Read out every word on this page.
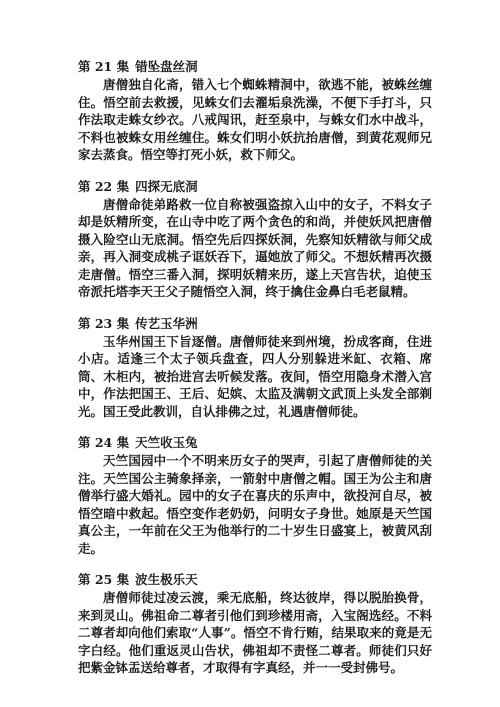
第 21 集 错坠盘丝洞

唐僧独自化斋，错入七个蜘蛛精洞中，欲逃不能，被蛛丝缠住。悟空前去救援，见蛛女们去濯垢泉洗澡，不便下手打斗，只作法取走蛛女纱衣。八戒闯讯，赶至泉中，与蛛女们水中战斗，不料也被蛛女用丝缠住。蛛女们明小妖抗抬唐僧，到黄花观师兄家去蒸食。悟空等打死小妖，救下师父。

第 22 集 四探无底洞

唐僧命徒弟路救一位自称被强盗掠入山中的女子，不料女子却是妖精所变，在山寺中吃了两个贪色的和尚，并使妖风把唐僧摄入险空山无底洞。悟空先后四探妖洞，先察知妖精欲与师父成亲，再入洞变成桃子诓妖吞下，逼她放了师父。不想妖精再次摄走唐僧。悟空三番入洞，探明妖精来历，遂上天宫告状，迫使玉帝派托塔李天王父子随悟空入洞，终于擒住金鼻白毛老鼠精。

第 23 集 传艺玉华洲

玉华州国王下旨逐僧。唐僧师徒来到州境，扮成客商，住进小店。适逢三个太子领兵盘查，四人分别躲进米缸、衣箱、席筒、木柜内，被抬进宫去听候发落。夜间，悟空用隐身术潜入宫中，作法把国王、王后、妃嫔、太监及满朝文武顶上头发全部剃光。国王受此教训，自认排佛之过，礼遇唐僧师徒。

第 24 集 天竺收玉兔

天竺国园中一个不明来历女子的哭声，引起了唐僧师徒的关注。天竺国公主骑象择亲，一箭射中唐僧之帽。国王为公主和唐僧举行盛大婚礼。园中的女子在喜庆的乐声中，欲投河自尽，被悟空暗中救起。悟空变作老奶奶，问明女子身世。她原是天竺国真公主，一年前在父王为他举行的二十岁生日盛宴上，被黄风刮走。

第 25 集 波生极乐天

唐僧师徒过凌云渡，乘无底船，终达彼岸，得以脱胎换骨，来到灵山。佛祖命二尊者引他们到珍楼用斋，入宝阁选经。不料二尊者却向他们索取“人事”。悟空不肯行贿，结果取来的竟是无字白经。他们重返灵山告状，佛祖却不责怪二尊者。师徒们只好把紫金钵盂送给尊者，才取得有字真经，并一一受封佛号。
